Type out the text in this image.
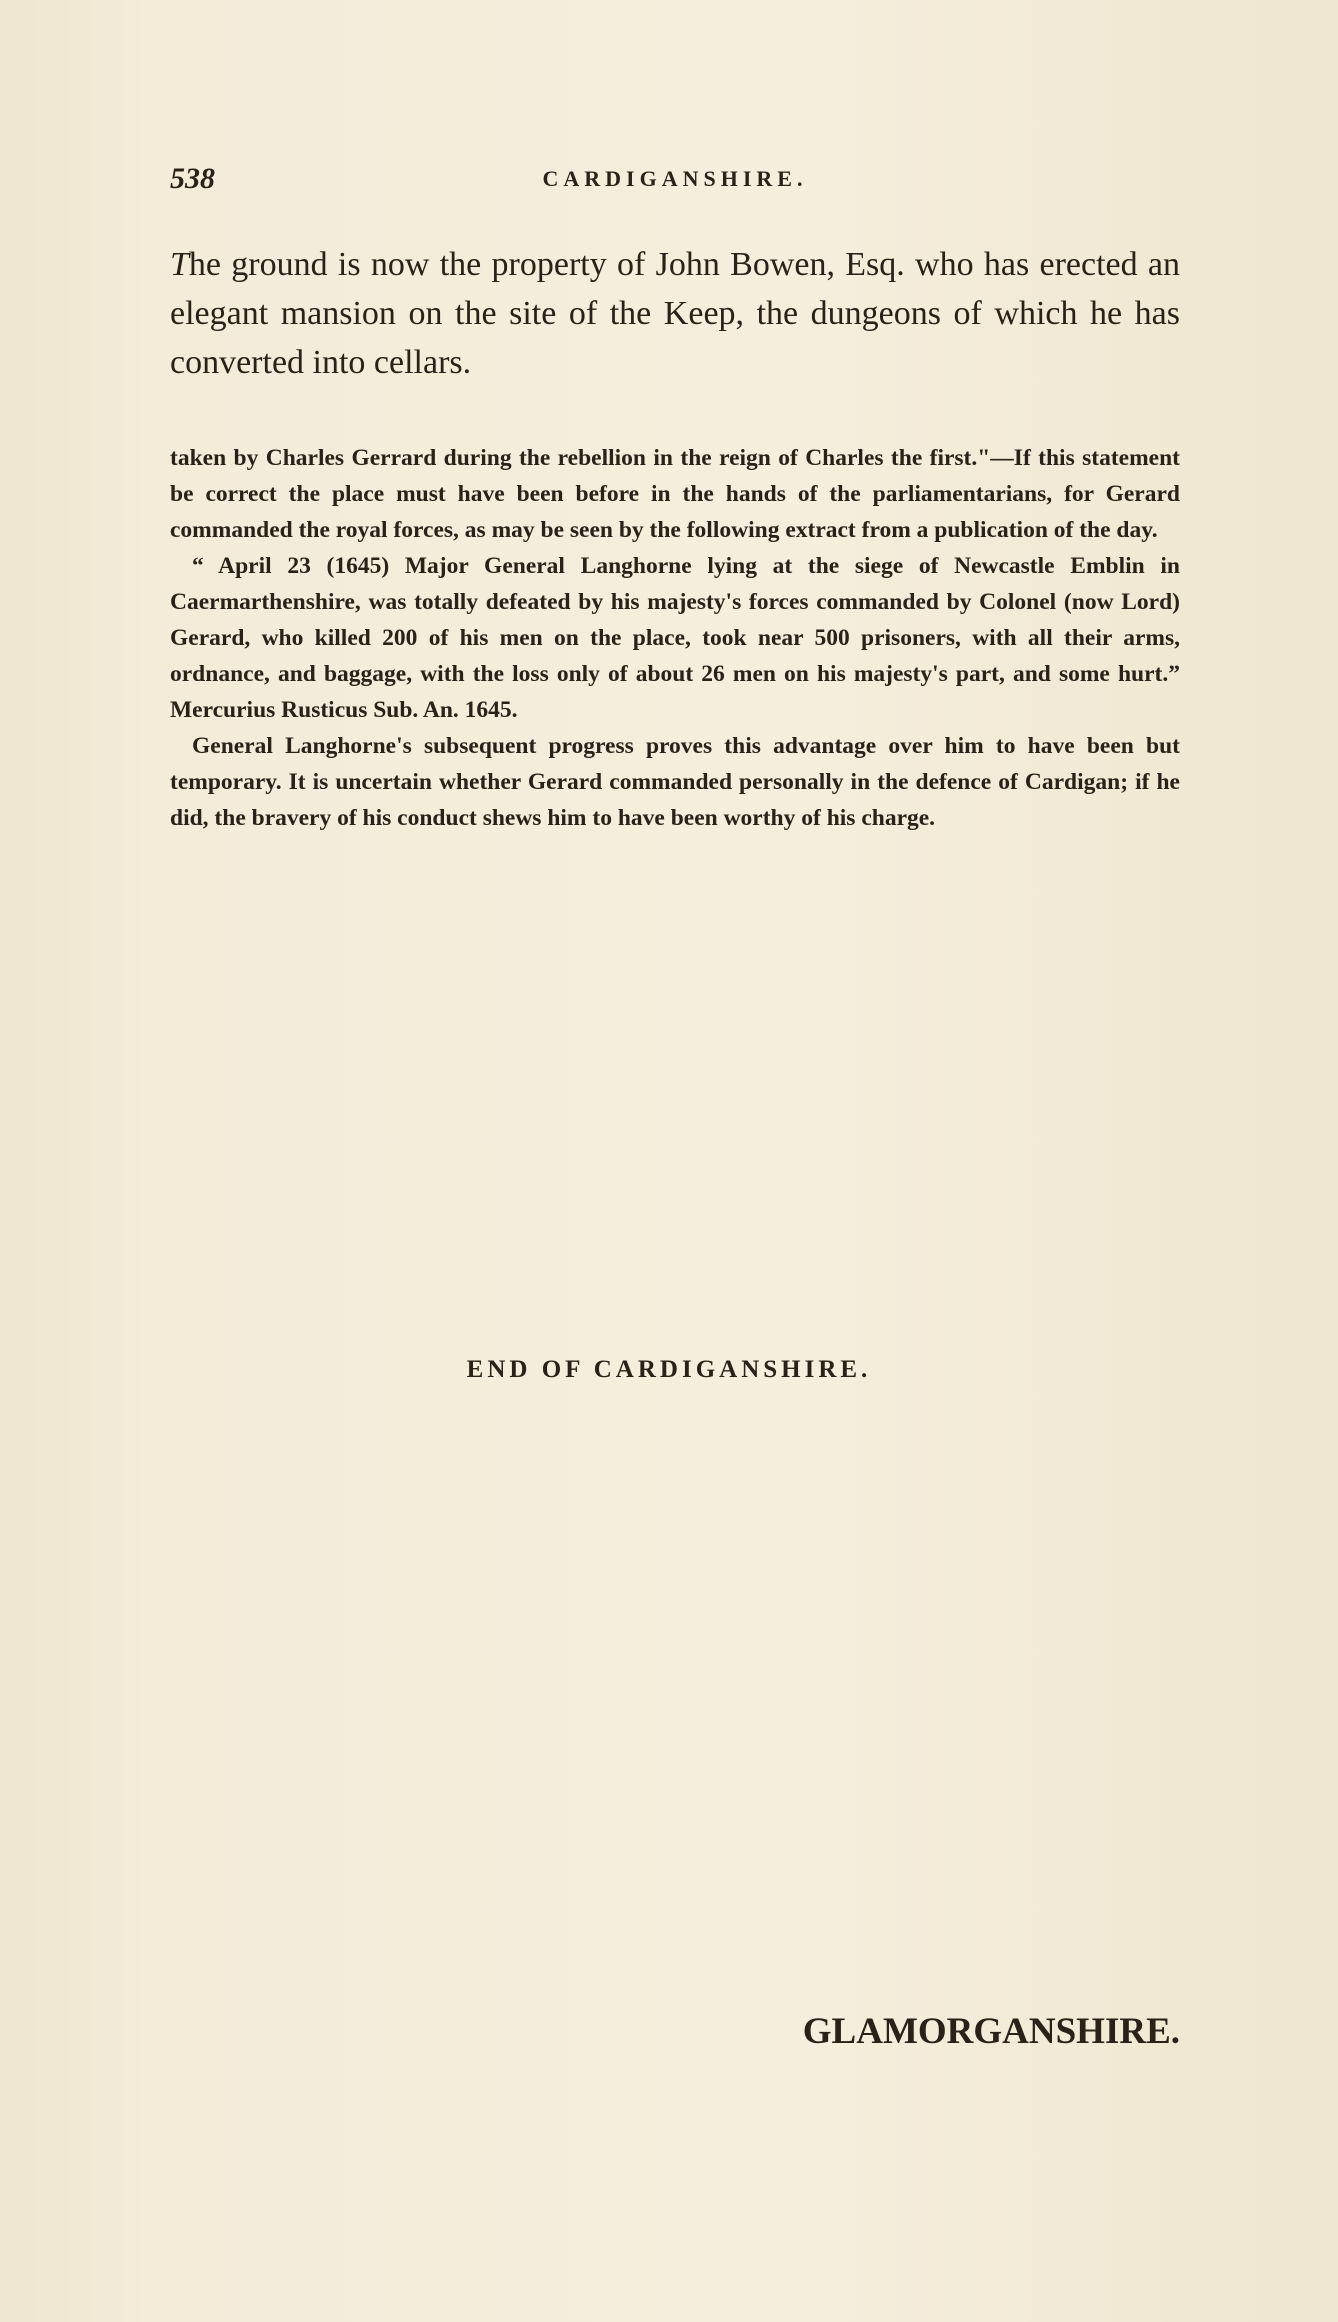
538	CARDIGANSHIRE.

The ground is now the property of John Bowen, Esq. who has erected an elegant mansion on the site of the Keep, the dungeons of which he has converted into cellars.

taken by Charles Gerrard during the rebellion in the reign of Charles the first."—If this statement be correct the place must have been before in the hands of the parliamentarians, for Gerard commanded the royal forces, as may be seen by the following extract from a publication of the day.

“ April 23 (1645) Major General Langhorne lying at the siege of Newcastle Emblin in Caermarthenshire, was totally defeated by his majesty's forces commanded by Colonel (now Lord) Gerard, who killed 200 of his men on the place, took near 500 prisoners, with all their arms, ordnance, and baggage, with the loss only of about 26 men on his majesty's part, and some hurt.” Mercurius Rusticus Sub. An. 1645.

General Langhorne's subsequent progress proves this advantage over him to have been but temporary. It is uncertain whether Gerard commanded personally in the defence of Cardigan; if he did, the bravery of his conduct shews him to have been worthy of his charge.

END OF CARDIGANSHIRE.
GLAMORGANSHIRE.
